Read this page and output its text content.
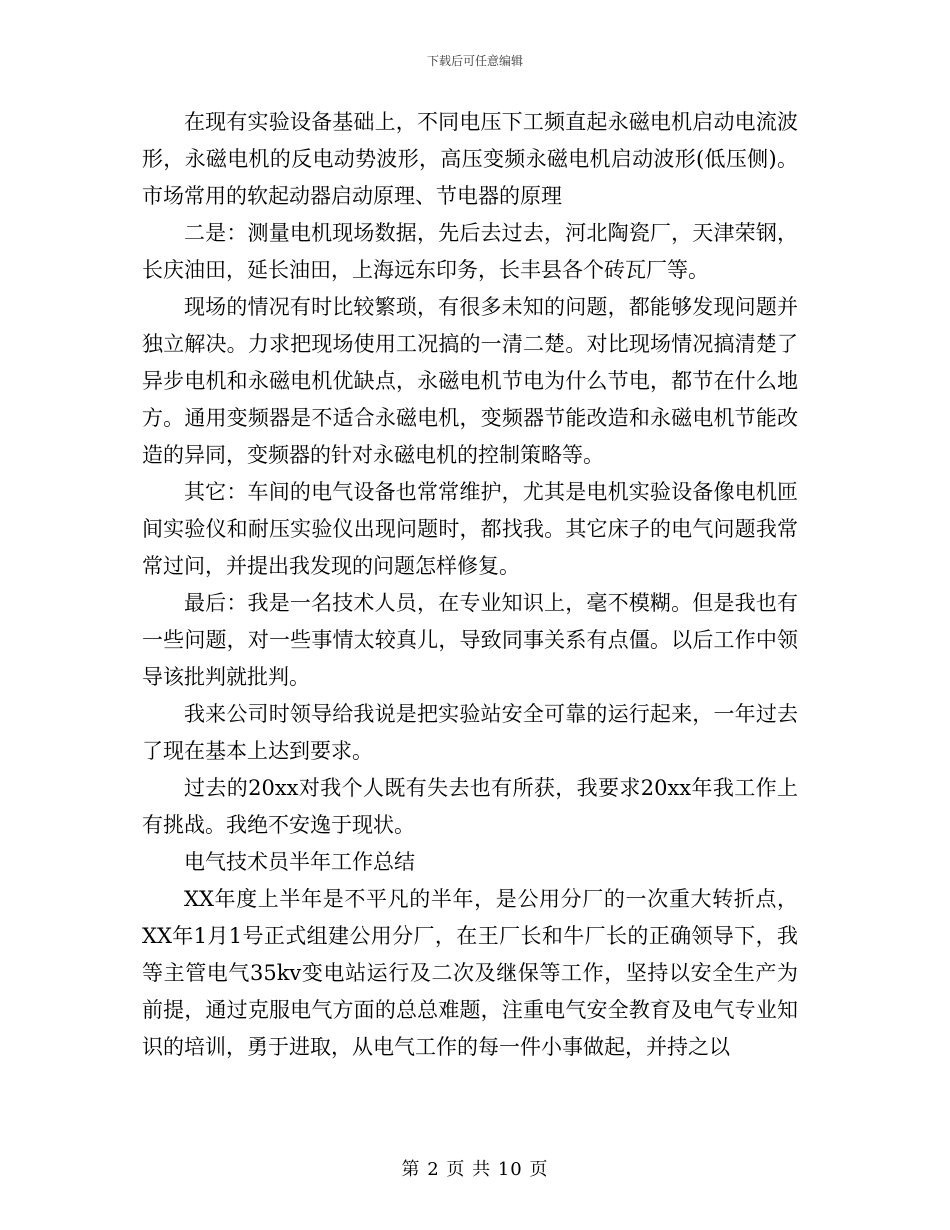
下载后可任意编辑

在现有实验设备基础上，不同电压下工频直起永磁电机启动电流波形，永磁电机的反电动势波形，高压变频永磁电机启动波形(低压侧)。市场常用的软起动器启动原理、节电器的原理

二是：测量电机现场数据，先后去过去，河北陶瓷厂，天津荣钢，长庆油田，延长油田，上海远东印务，长丰县各个砖瓦厂等。

现场的情况有时比较繁琐，有很多未知的问题，都能够发现问题并独立解决。力求把现场使用工况搞的一清二楚。对比现场情况搞清楚了异步电机和永磁电机优缺点，永磁电机节电为什么节电，都节在什么地方。通用变频器是不适合永磁电机，变频器节能改造和永磁电机节能改造的异同，变频器的针对永磁电机的控制策略等。

其它：车间的电气设备也常常维护，尤其是电机实验设备像电机匝间实验仪和耐压实验仪出现问题时，都找我。其它床子的电气问题我常常过问，并提出我发现的问题怎样修复。

最后：我是一名技术人员，在专业知识上，毫不模糊。但是我也有一些问题，对一些事情太较真儿，导致同事关系有点僵。以后工作中领导该批判就批判。

我来公司时领导给我说是把实验站安全可靠的运行起来，一年过去了现在基本上达到要求。

过去的20xx对我个人既有失去也有所获，我要求20xx年我工作上有挑战。我绝不安逸于现状。

电气技术员半年工作总结

XX年度上半年是不平凡的半年，是公用分厂的一次重大转折点，XX年1月1号正式组建公用分厂，在王厂长和牛厂长的正确领导下，我等主管电气35kv变电站运行及二次及继保等工作，坚持以安全生产为前提，通过克服电气方面的总总难题，注重电气安全教育及电气专业知识的培训，勇于进取，从电气工作的每一件小事做起，并持之以

第 2 页 共 10 页
